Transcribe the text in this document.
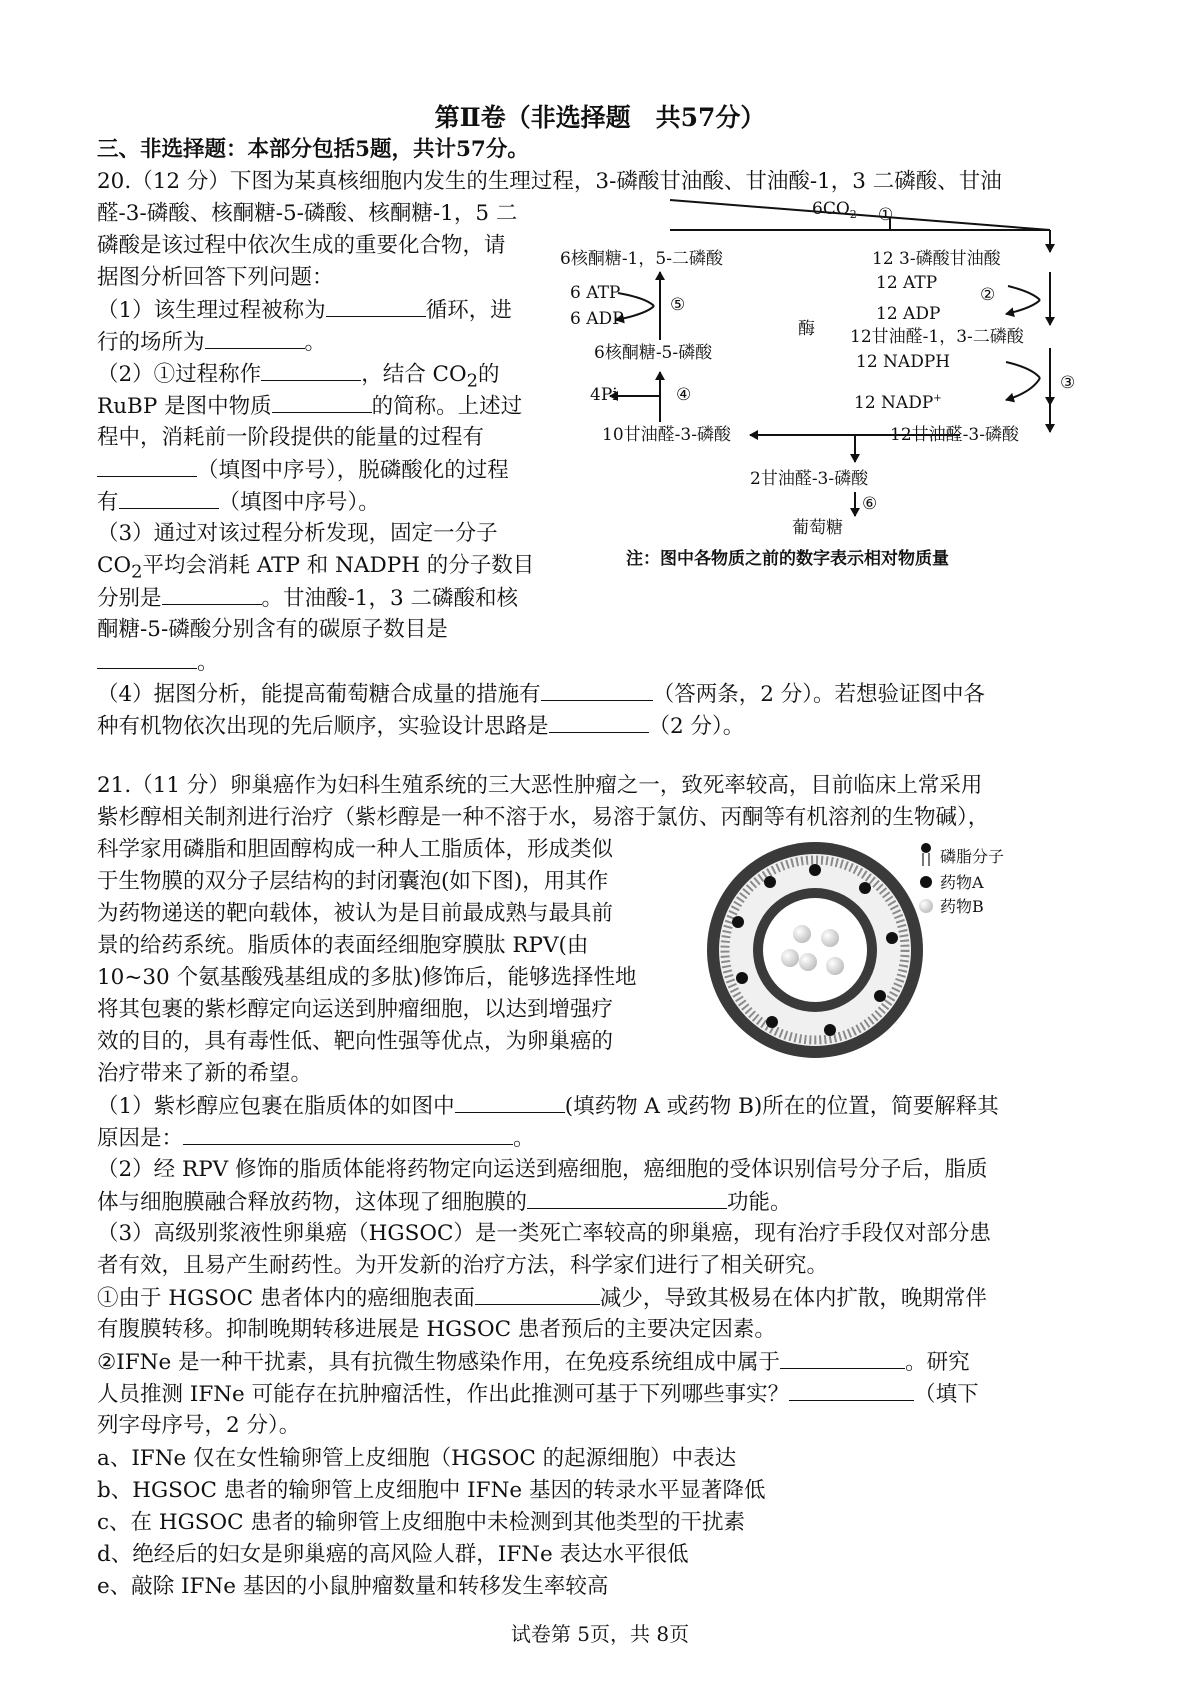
第Ⅱ卷（非选择题　共57分）
三、非选择题：本部分包括5题，共计57分。
20.（12 分）下图为某真核细胞内发生的生理过程，3-磷酸甘油酸、甘油酸-1，3 二磷酸、甘油
醛-3-磷酸、核酮糖-5-磷酸、核酮糖-1，5 二
磷酸是该过程中依次生成的重要化合物，请
据图分析回答下列问题：
（1）该生理过程被称为	循环，进
行的场所为	。
（2）①过程称作	，结合 $CO_2$的
RuBP 是图中物质	的简称。上述过
程中，消耗前一阶段提供的能量的过程有
（填图中序号），脱磷酸化的过程
有	（填图中序号）。
（3）通过对该过程分析发现，固定一分子
$CO_2$平均会消耗 ATP 和 NADPH 的分子数目
分别是	。甘油酸-1，3 二磷酸和核
酮糖-5-磷酸分别含有的碳原子数目是
。
（4）据图分析，能提高葡萄糖合成量的措施有	（答两条，2 分）。若想验证图中各
种有机物依次出现的先后顺序，实验设计思路是	（2 分）。
$6CO_2$ ①
6核酮糖-1，5-二磷酸	12 3-磷酸甘油酸
12 ATP
②
12 ADP
12甘油醛-1，3-二磷酸
12 NADPH
③
12 NADP+
6 ATP
6 ADP
⑤
酶
6核酮糖-5-磷酸
4Pi	④
10甘油醛-3-磷酸	12甘油醛-3-磷酸
2甘油醛-3-磷酸
⑥
葡萄糖
注：图中各物质之前的数字表示相对物质量
21.（11 分）卵巢癌作为妇科生殖系统的三大恶性肿瘤之一，致死率较高，目前临床上常采用
紫杉醇相关制剂进行治疗（紫杉醇是一种不溶于水，易溶于氯仿、丙酮等有机溶剂的生物碱），
科学家用磷脂和胆固醇构成一种人工脂质体，形成类似
于生物膜的双分子层结构的封闭囊泡(如下图)，用其作
为药物递送的靶向载体，被认为是目前最成熟与最具前
景的给药系统。脂质体的表面经细胞穿膜肽 RPV(由
10~30 个氨基酸残基组成的多肽)修饰后，能够选择性地
将其包裹的紫杉醇定向运送到肿瘤细胞，以达到增强疗
效的目的，具有毒性低、靶向性强等优点，为卵巢癌的
治疗带来了新的希望。
（1）紫杉醇应包裹在脂质体的如图中	(填药物 A 或药物 B)所在的位置，简要解释其
原因是：	。
（2）经 RPV 修饰的脂质体能将药物定向运送到癌细胞，癌细胞的受体识别信号分子后，脂质
体与细胞膜融合释放药物，这体现了细胞膜的	功能。
（3）高级别浆液性卵巢癌（HGSOC）是一类死亡率较高的卵巢癌，现有治疗手段仅对部分患
者有效，且易产生耐药性。为开发新的治疗方法，科学家们进行了相关研究。
①由于 HGSOC 患者体内的癌细胞表面	减少，导致其极易在体内扩散，晚期常伴
有腹膜转移。抑制晚期转移进展是 HGSOC 患者预后的主要决定因素。
②IFNe 是一种干扰素，具有抗微生物感染作用，在免疫系统组成中属于	。研究
人员推测 IFNe 可能存在抗肿瘤活性，作出此推测可基于下列哪些事实？	（填下
列字母序号，2 分）。
a、IFNe 仅在女性输卵管上皮细胞（HGSOC 的起源细胞）中表达
b、HGSOC 患者的输卵管上皮细胞中 IFNe 基因的转录水平显著降低
c、在 HGSOC 患者的输卵管上皮细胞中未检测到其他类型的干扰素
d、绝经后的妇女是卵巢癌的高风险人群，IFNe 表达水平很低
e、敲除 IFNe 基因的小鼠肿瘤数量和转移发生率较高
磷脂分子
药物A
药物B
试卷第 5页，共 8页
